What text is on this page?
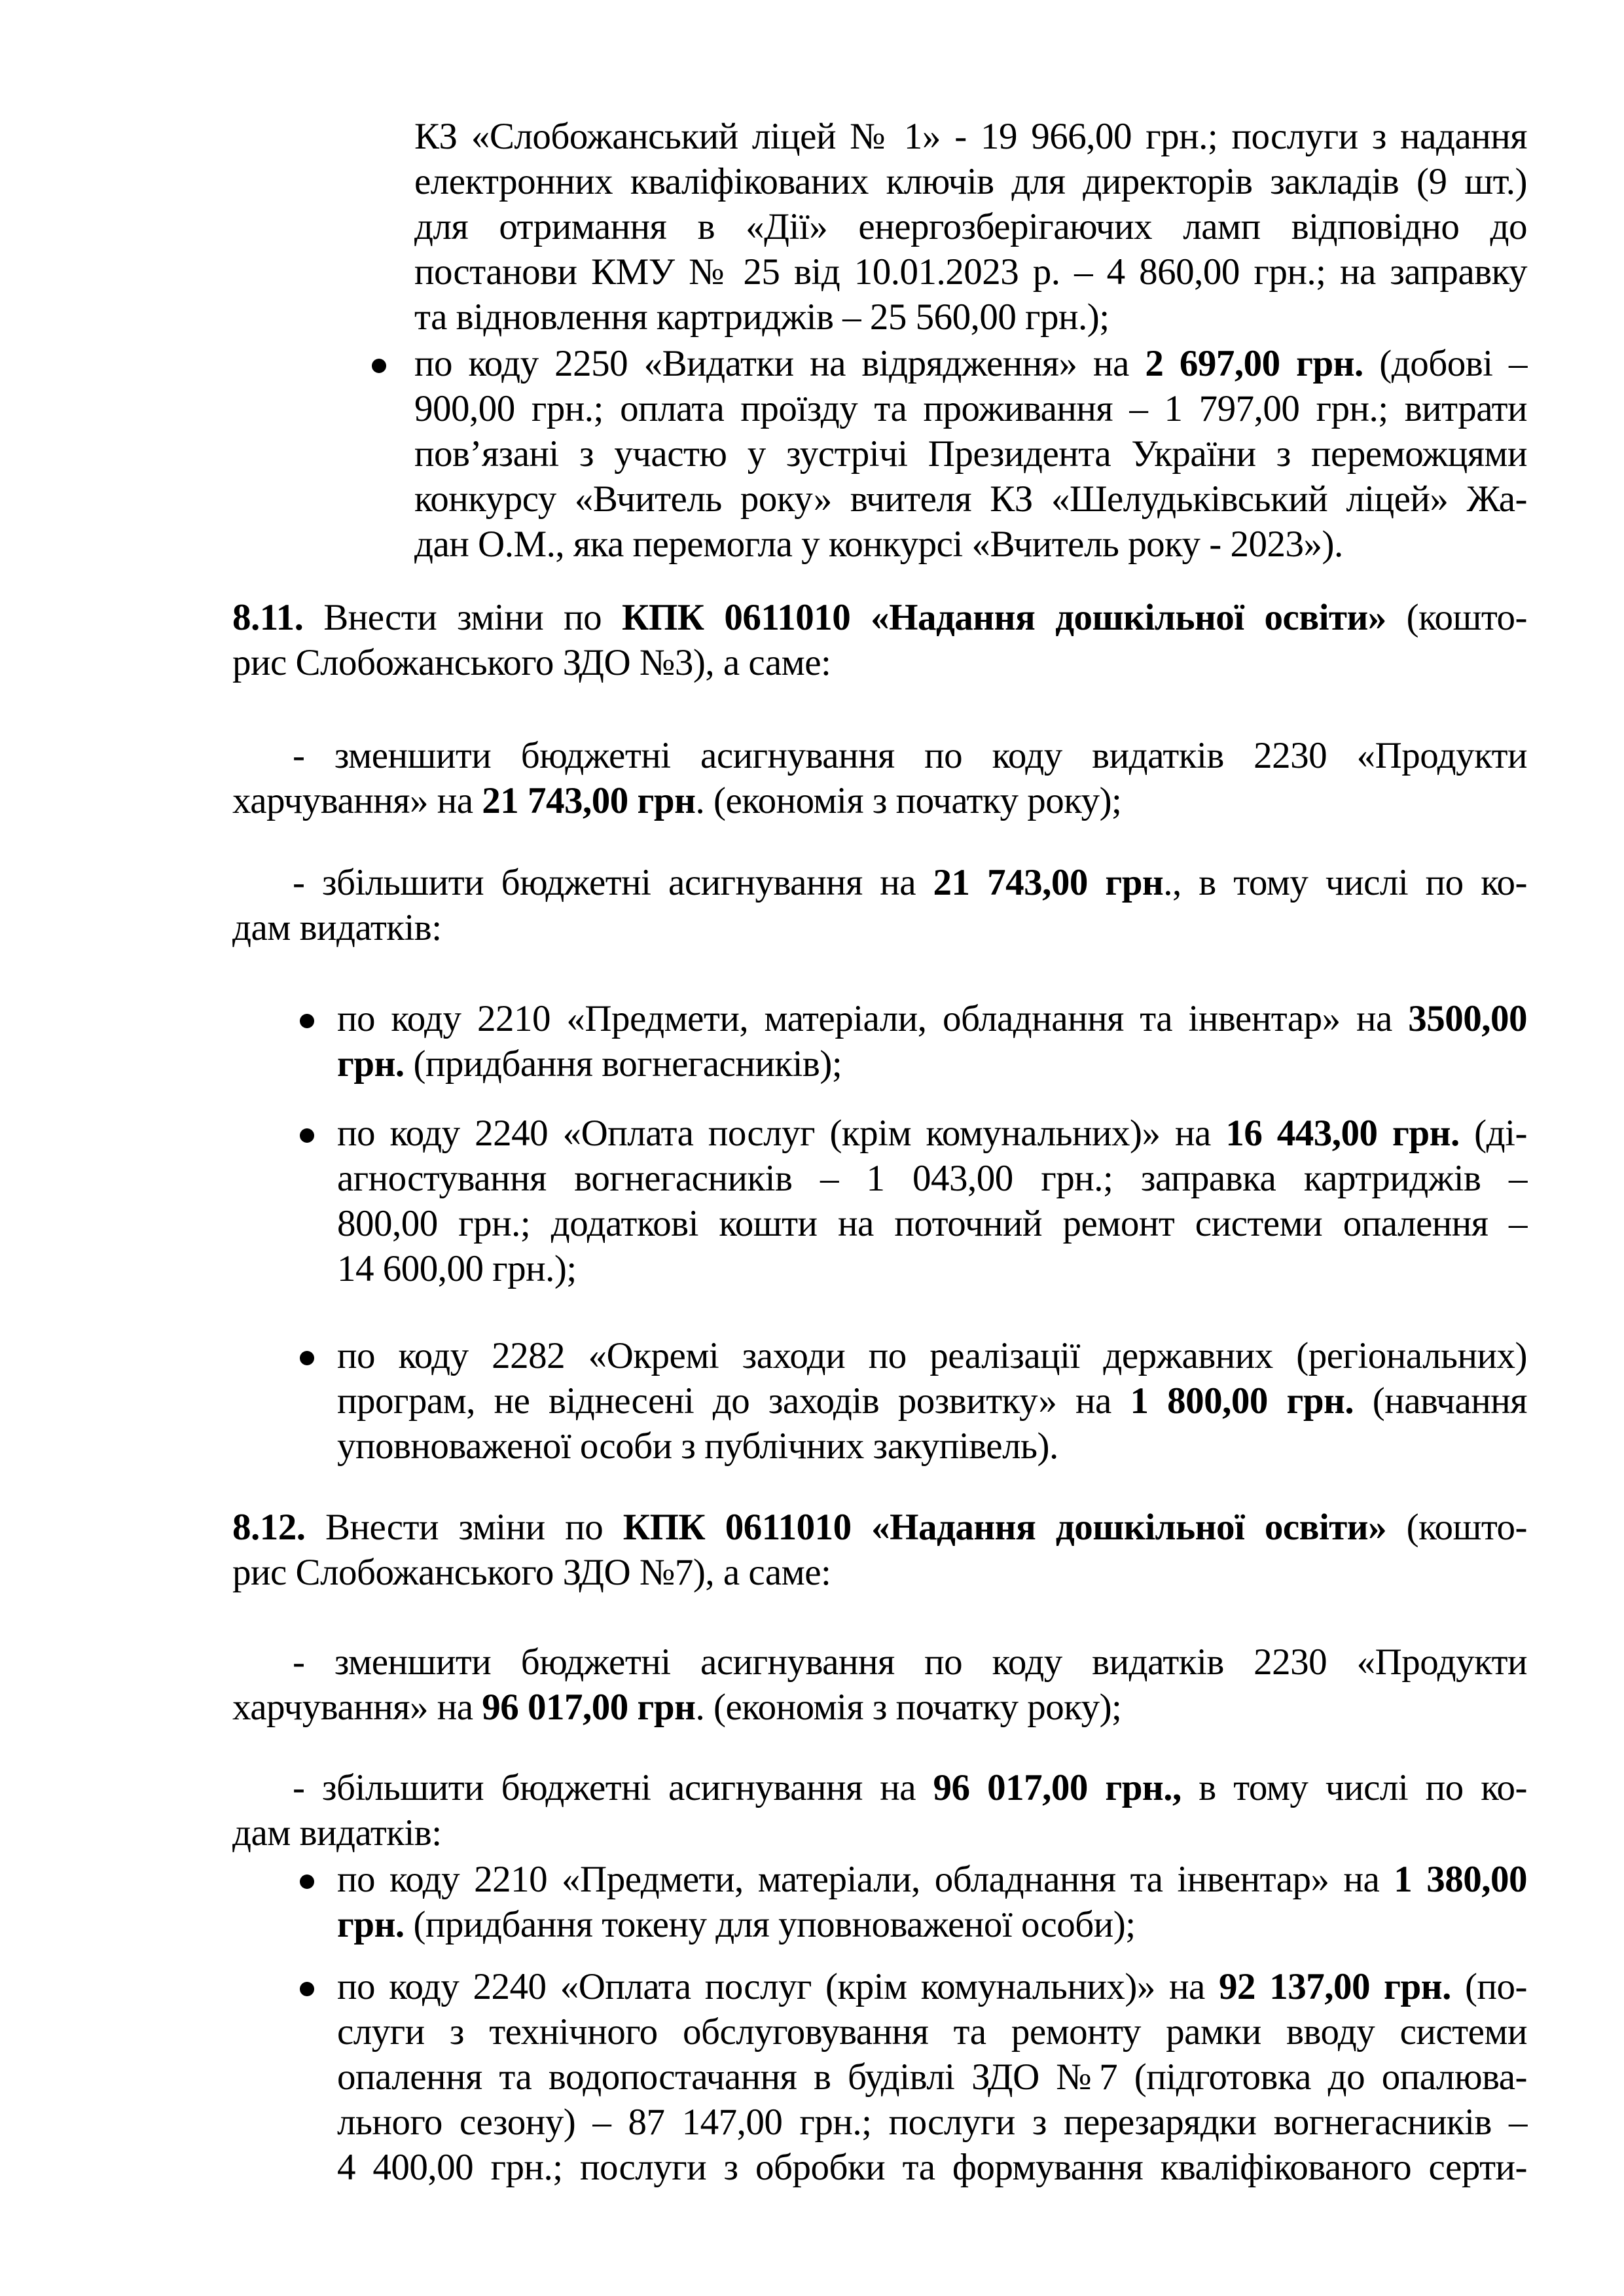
КЗ «Слобожанський ліцей № 1» - 19 966,00 грн.; послуги з надання
електронних кваліфікованих ключів для директорів закладів (9 шт.)
для отримання в «Дії» енергозберігаючих ламп відповідно до
постанови КМУ № 25 від 10.01.2023 р. – 4 860,00 грн.; на заправку
та відновлення картриджів – 25 560,00 грн.);
по коду 2250 «Видатки на відрядження» на 2 697,00 грн. (добові –
900,00 грн.; оплата проїзду та проживання – 1 797,00 грн.; витрати
пов’язані з участю у зустрічі Президента України з переможцями
конкурсу «Вчитель року» вчителя КЗ «Шелудьківський ліцей» Жа-
дан О.М., яка перемогла у конкурсі «Вчитель року - 2023»).
8.11. Внести зміни по КПК 0611010 «Надання дошкільної освіти» (кошто-
рис Слобожанського ЗДО №3), а саме:
- зменшити бюджетні асигнування по коду видатків 2230 «Продукти
харчування» на 21 743,00 грн. (економія з початку року);
- збільшити бюджетні асигнування на 21 743,00 грн., в тому числі по ко-
дам видатків:
по коду 2210 «Предмети, матеріали, обладнання та інвентар» на 3500,00
грн. (придбання вогнегасників);
по коду 2240 «Оплата послуг (крім комунальних)» на 16 443,00 грн. (ді-
агностування вогнегасників – 1 043,00 грн.; заправка картриджів –
800,00 грн.; додаткові кошти на поточний ремонт системи опалення –
14 600,00 грн.);
по коду 2282 «Окремі заходи по реалізації державних (регіональних)
програм, не віднесені до заходів розвитку» на 1 800,00 грн. (навчання
уповноваженої особи з публічних закупівель).
8.12. Внести зміни по КПК 0611010 «Надання дошкільної освіти» (кошто-
рис Слобожанського ЗДО №7), а саме:
- зменшити бюджетні асигнування по коду видатків 2230 «Продукти
харчування» на 96 017,00 грн. (економія з початку року);
- збільшити бюджетні асигнування на 96 017,00 грн., в тому числі по ко-
дам видатків:
по коду 2210 «Предмети, матеріали, обладнання та інвентар» на 1 380,00
грн. (придбання токену для уповноваженої особи);
по коду 2240 «Оплата послуг (крім комунальних)» на 92 137,00 грн. (по-
слуги з технічного обслуговування та ремонту рамки вводу системи
опалення та водопостачання в будівлі ЗДО №7 (підготовка до опалюва-
льного сезону) – 87 147,00 грн.; послуги з перезарядки вогнегасників –
4 400,00 грн.; послуги з обробки та формування кваліфікованого серти-
